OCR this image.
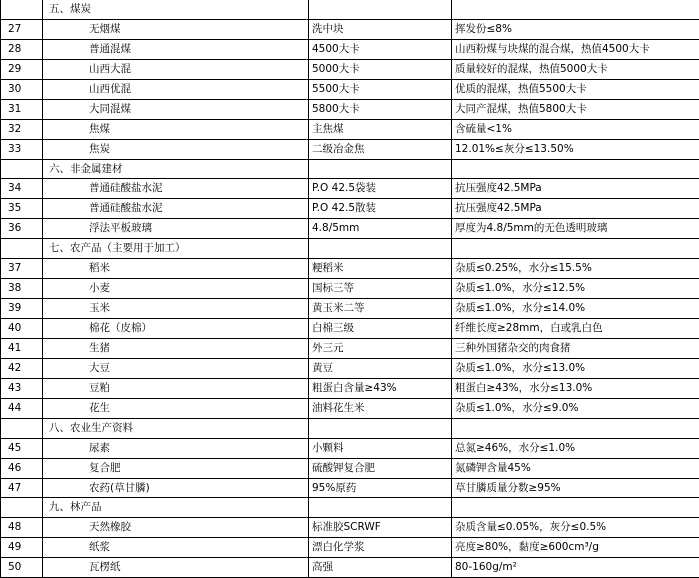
	五、煤炭		
27	无烟煤	洗中块	挥发份≤8%
28	普通混煤	4500大卡	山西粉煤与块煤的混合煤，热值4500大卡
29	山西大混	5000大卡	质量较好的混煤，热值5000大卡
30	山西优混	5500大卡	优质的混煤，热值5500大卡
31	大同混煤	5800大卡	大同产混煤，热值5800大卡
32	焦煤	主焦煤	含硫量<1%
33	焦炭	二级冶金焦	12.01%≤灰分≤13.50%
	六、非金属建材		
34	普通硅酸盐水泥	P.O 42.5袋装	抗压强度42.5MPa
35	普通硅酸盐水泥	P.O 42.5散装	抗压强度42.5MPa
36	浮法平板玻璃	4.8/5mm	厚度为4.8/5mm的无色透明玻璃
	七、农产品（主要用于加工）		
37	稻米	粳稻米	杂质≤0.25%，水分≤15.5%
38	小麦	国标三等	杂质≤1.0%，水分≤12.5%
39	玉米	黄玉米二等	杂质≤1.0%，水分≤14.0%
40	棉花（皮棉）	白棉三级	纤维长度≥28mm，白或乳白色
41	生猪	外三元	三种外国猪杂交的肉食猪
42	大豆	黄豆	杂质≤1.0%，水分≤13.0%
43	豆粕	粗蛋白含量≥43%	粗蛋白≥43%，水分≤13.0%
44	花生	油料花生米	杂质≤1.0%，水分≤9.0%
	八、农业生产资料		
45	尿素	小颗料	总氮≥46%，水分≤1.0%
46	复合肥	硫酸钾复合肥	氮磷钾含量45%
47	农药(草甘膦)	95%原药	草甘膦质量分数≥95%
	九、林产品		
48	天然橡胶	标准胶SCRWF	杂质含量≤0.05%，灰分≤0.5%
49	纸浆	漂白化学浆	亮度≥80%，黏度≥600cm³/g
50	瓦楞纸	高强	80-160g/m²
